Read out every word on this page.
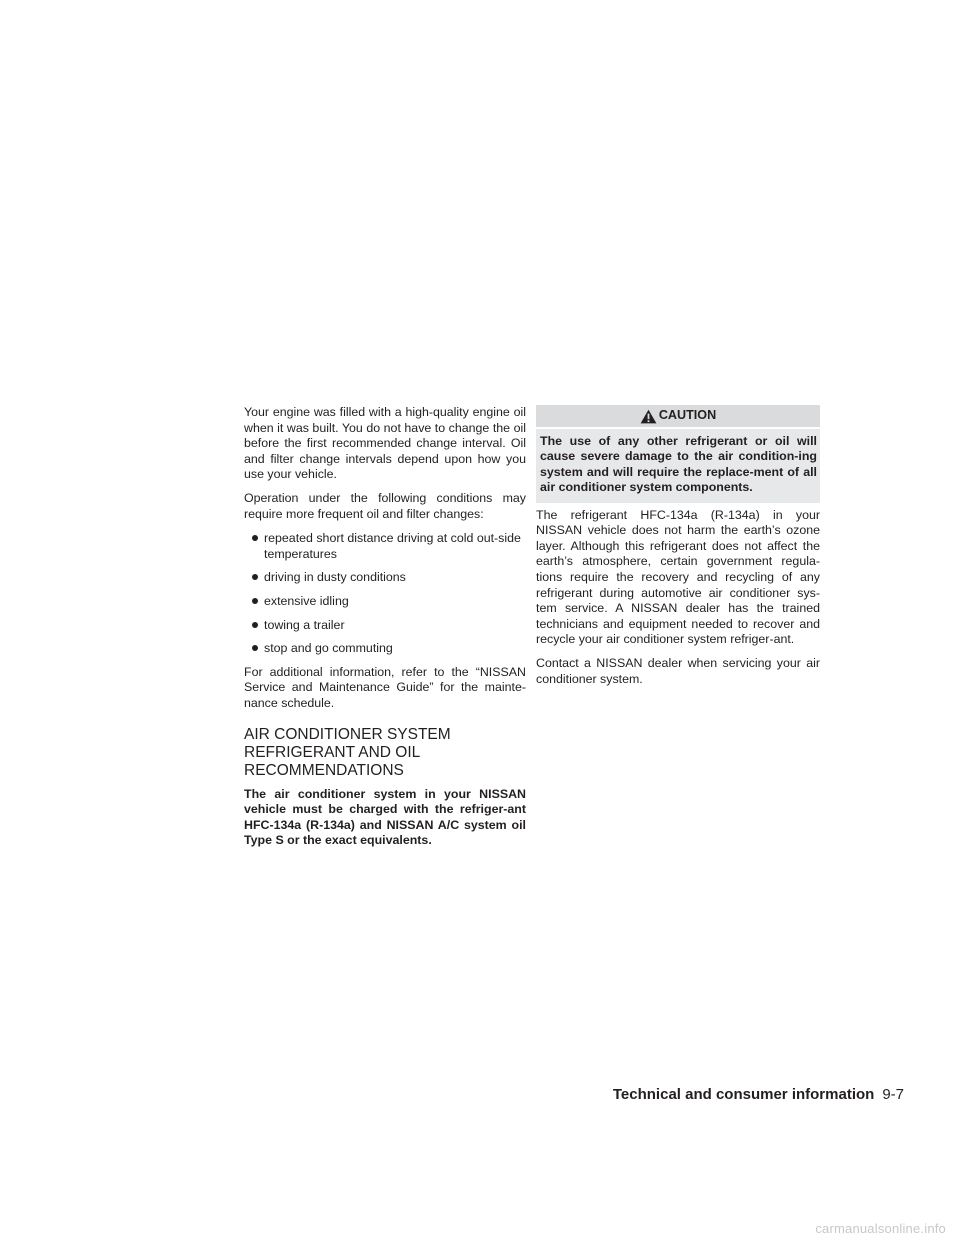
Your engine was filled with a high-quality engine oil when it was built. You do not have to change the oil before the first recommended change interval. Oil and filter change intervals depend upon how you use your vehicle.

Operation under the following conditions may require more frequent oil and filter changes:

repeated short distance driving at cold out-side temperatures
driving in dusty conditions
extensive idling
towing a trailer
stop and go commuting

For additional information, refer to the “NISSAN Service and Maintenance Guide” for the mainte-nance schedule.

AIR CONDITIONER SYSTEM REFRIGERANT AND OIL RECOMMENDATIONS

The air conditioner system in your NISSAN vehicle must be charged with the refriger-ant HFC-134a (R-134a) and NISSAN A/C system oil Type S or the exact equivalents.

CAUTION
The use of any other refrigerant or oil will cause severe damage to the air condition-ing system and will require the replace-ment of all air conditioner system components.

The refrigerant HFC-134a (R-134a) in your NISSAN vehicle does not harm the earth’s ozone layer. Although this refrigerant does not affect the earth’s atmosphere, certain government regula-tions require the recovery and recycling of any refrigerant during automotive air conditioner sys-tem service. A NISSAN dealer has the trained technicians and equipment needed to recover and recycle your air conditioner system refriger-ant.

Contact a NISSAN dealer when servicing your air conditioner system.

Technical and consumer information 9-7
carmanualsonline.info
